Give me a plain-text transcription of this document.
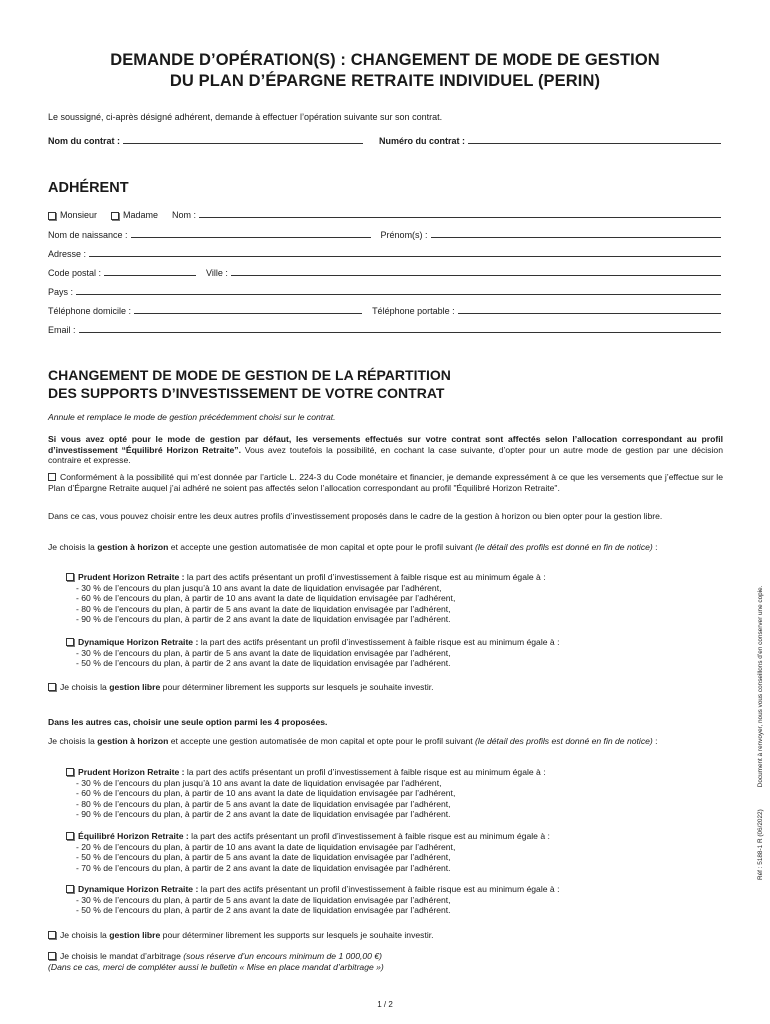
DEMANDE D’OPÉRATION(S) : CHANGEMENT DE MODE DE GESTION
DU PLAN D’ÉPARGNE RETRAITE INDIVIDUEL (PERIN)
Le soussigné, ci-après désigné adhérent, demande à effectuer l’opération suivante sur son contrat.
Nom du contrat :	Numéro du contrat :
ADHÉRENT
Monsieur	Madame Nom :
Nom de naissance :	Prénom(s) :
Adresse :
Code postal :	Ville :
Pays :
Téléphone domicile :	Téléphone portable :
Email :
CHANGEMENT DE MODE DE GESTION DE LA RÉPARTITION
DES SUPPORTS D’INVESTISSEMENT DE VOTRE CONTRAT
Annule et remplace le mode de gestion précédemment choisi sur le contrat.
Si vous avez opté pour le mode de gestion par défaut, les versements effectués sur votre contrat sont affectés selon l’allocation correspondant au profil d’investissement “Équilibré Horizon Retraite”. Vous avez toutefois la possibilité, en cochant la case suivante, d’opter pour un autre mode de gestion par une décision contraire et expresse.
Conformément à la possibilité qui m’est donnée par l’article L. 224-3 du Code monétaire et financier, je demande expressément à ce que les versements que j’effectue sur le Plan d’Épargne Retraite auquel j’ai adhéré ne soient pas affectés selon l’allocation correspondant au profil "Équilibré Horizon Retraite".
Dans ce cas, vous pouvez choisir entre les deux autres profils d’investissement proposés dans le cadre de la gestion à horizon ou bien opter pour la gestion libre.
Je choisis la gestion à horizon et accepte une gestion automatisée de mon capital et opte pour le profil suivant (le détail des profils est donné en fin de notice) :
Prudent Horizon Retraite : la part des actifs présentant un profil d’investissement à faible risque est au minimum égale à :
- 30 % de l’encours du plan jusqu’à 10 ans avant la date de liquidation envisagée par l’adhérent,
- 60 % de l’encours du plan, à partir de 10 ans avant la date de liquidation envisagée par l’adhérent,
- 80 % de l’encours du plan, à partir de 5 ans avant la date de liquidation envisagée par l’adhérent,
- 90 % de l’encours du plan, à partir de 2 ans avant la date de liquidation envisagée par l’adhérent.
Dynamique Horizon Retraite : la part des actifs présentant un profil d’investissement à faible risque est au minimum égale à :
- 30 % de l’encours du plan, à partir de 5 ans avant la date de liquidation envisagée par l’adhérent,
- 50 % de l’encours du plan, à partir de 2 ans avant la date de liquidation envisagée par l’adhérent.
Je choisis la gestion libre pour déterminer librement les supports sur lesquels je souhaite investir.
Dans les autres cas, choisir une seule option parmi les 4 proposées.
Je choisis la gestion à horizon et accepte une gestion automatisée de mon capital et opte pour le profil suivant (le détail des profils est donné en fin de notice) :
Prudent Horizon Retraite : la part des actifs présentant un profil d’investissement à faible risque est au minimum égale à :
- 30 % de l’encours du plan jusqu’à 10 ans avant la date de liquidation envisagée par l’adhérent,
- 60 % de l’encours du plan, à partir de 10 ans avant la date de liquidation envisagée par l’adhérent,
- 80 % de l’encours du plan, à partir de 5 ans avant la date de liquidation envisagée par l’adhérent,
- 90 % de l’encours du plan, à partir de 2 ans avant la date de liquidation envisagée par l’adhérent.
Équilibré Horizon Retraite : la part des actifs présentant un profil d’investissement à faible risque est au minimum égale à :
- 20 % de l’encours du plan, à partir de 10 ans avant la date de liquidation envisagée par l’adhérent,
- 50 % de l’encours du plan, à partir de 5 ans avant la date de liquidation envisagée par l’adhérent,
- 70 % de l’encours du plan, à partir de 2 ans avant la date de liquidation envisagée par l’adhérent.
Dynamique Horizon Retraite : la part des actifs présentant un profil d’investissement à faible risque est au minimum égale à :
- 30 % de l’encours du plan, à partir de 5 ans avant la date de liquidation envisagée par l’adhérent,
- 50 % de l’encours du plan, à partir de 2 ans avant la date de liquidation envisagée par l’adhérent.
Je choisis la gestion libre pour déterminer librement les supports sur lesquels je souhaite investir.
Je choisis le mandat d’arbitrage (sous réserve d’un encours minimum de 1 000,00 €)
(Dans ce cas, merci de compléter aussi le bulletin « Mise en place mandat d’arbitrage »)
Réf : 5188-1 R (06/2022)Document à renvoyer, nous vous conseillons d’en conserver une copie.
1 / 2
